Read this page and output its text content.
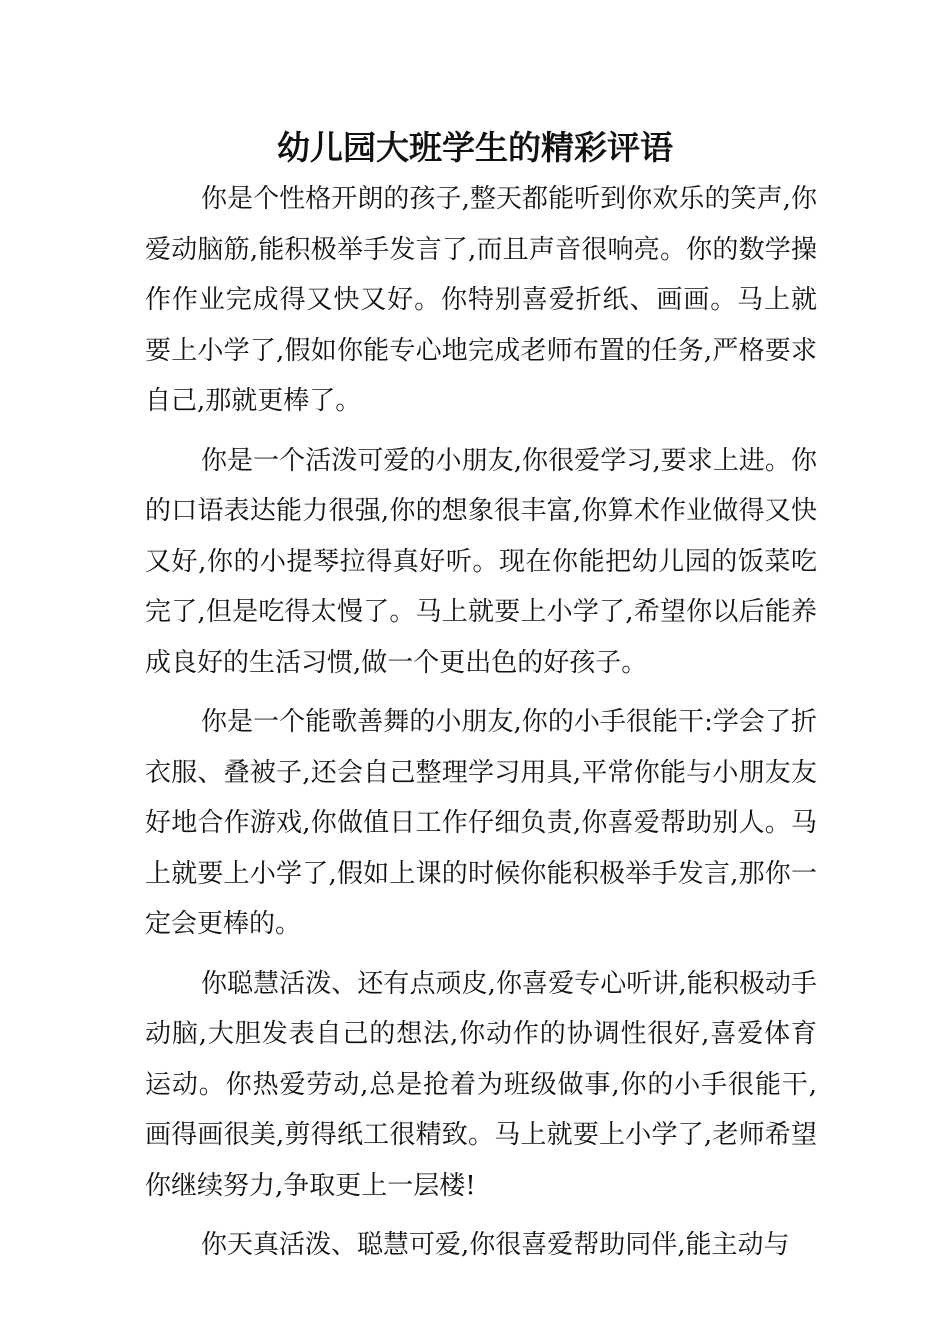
幼儿园大班学生的精彩评语

你是个性格开朗的孩子,整天都能听到你欢乐的笑声,你爱动脑筋,能积极举手发言了,而且声音很响亮。你的数学操作作业完成得又快又好。你特别喜爱折纸、画画。马上就要上小学了,假如你能专心地完成老师布置的任务,严格要求自己,那就更棒了。

你是一个活泼可爱的小朋友,你很爱学习,要求上进。你的口语表达能力很强,你的想象很丰富,你算术作业做得又快又好,你的小提琴拉得真好听。现在你能把幼儿园的饭菜吃完了,但是吃得太慢了。马上就要上小学了,希望你以后能养成良好的生活习惯,做一个更出色的好孩子。

你是一个能歌善舞的小朋友,你的小手很能干:学会了折衣服、叠被子,还会自己整理学习用具,平常你能与小朋友友好地合作游戏,你做值日工作仔细负责,你喜爱帮助别人。马上就要上小学了,假如上课的时候你能积极举手发言,那你一定会更棒的。

你聪慧活泼、还有点顽皮,你喜爱专心听讲,能积极动手动脑,大胆发表自己的想法,你动作的协调性很好,喜爱体育运动。你热爱劳动,总是抢着为班级做事,你的小手很能干,画得画很美,剪得纸工很精致。马上就要上小学了,老师希望你继续努力,争取更上一层楼!

你天真活泼、聪慧可爱,你很喜爱帮助同伴,能主动与
